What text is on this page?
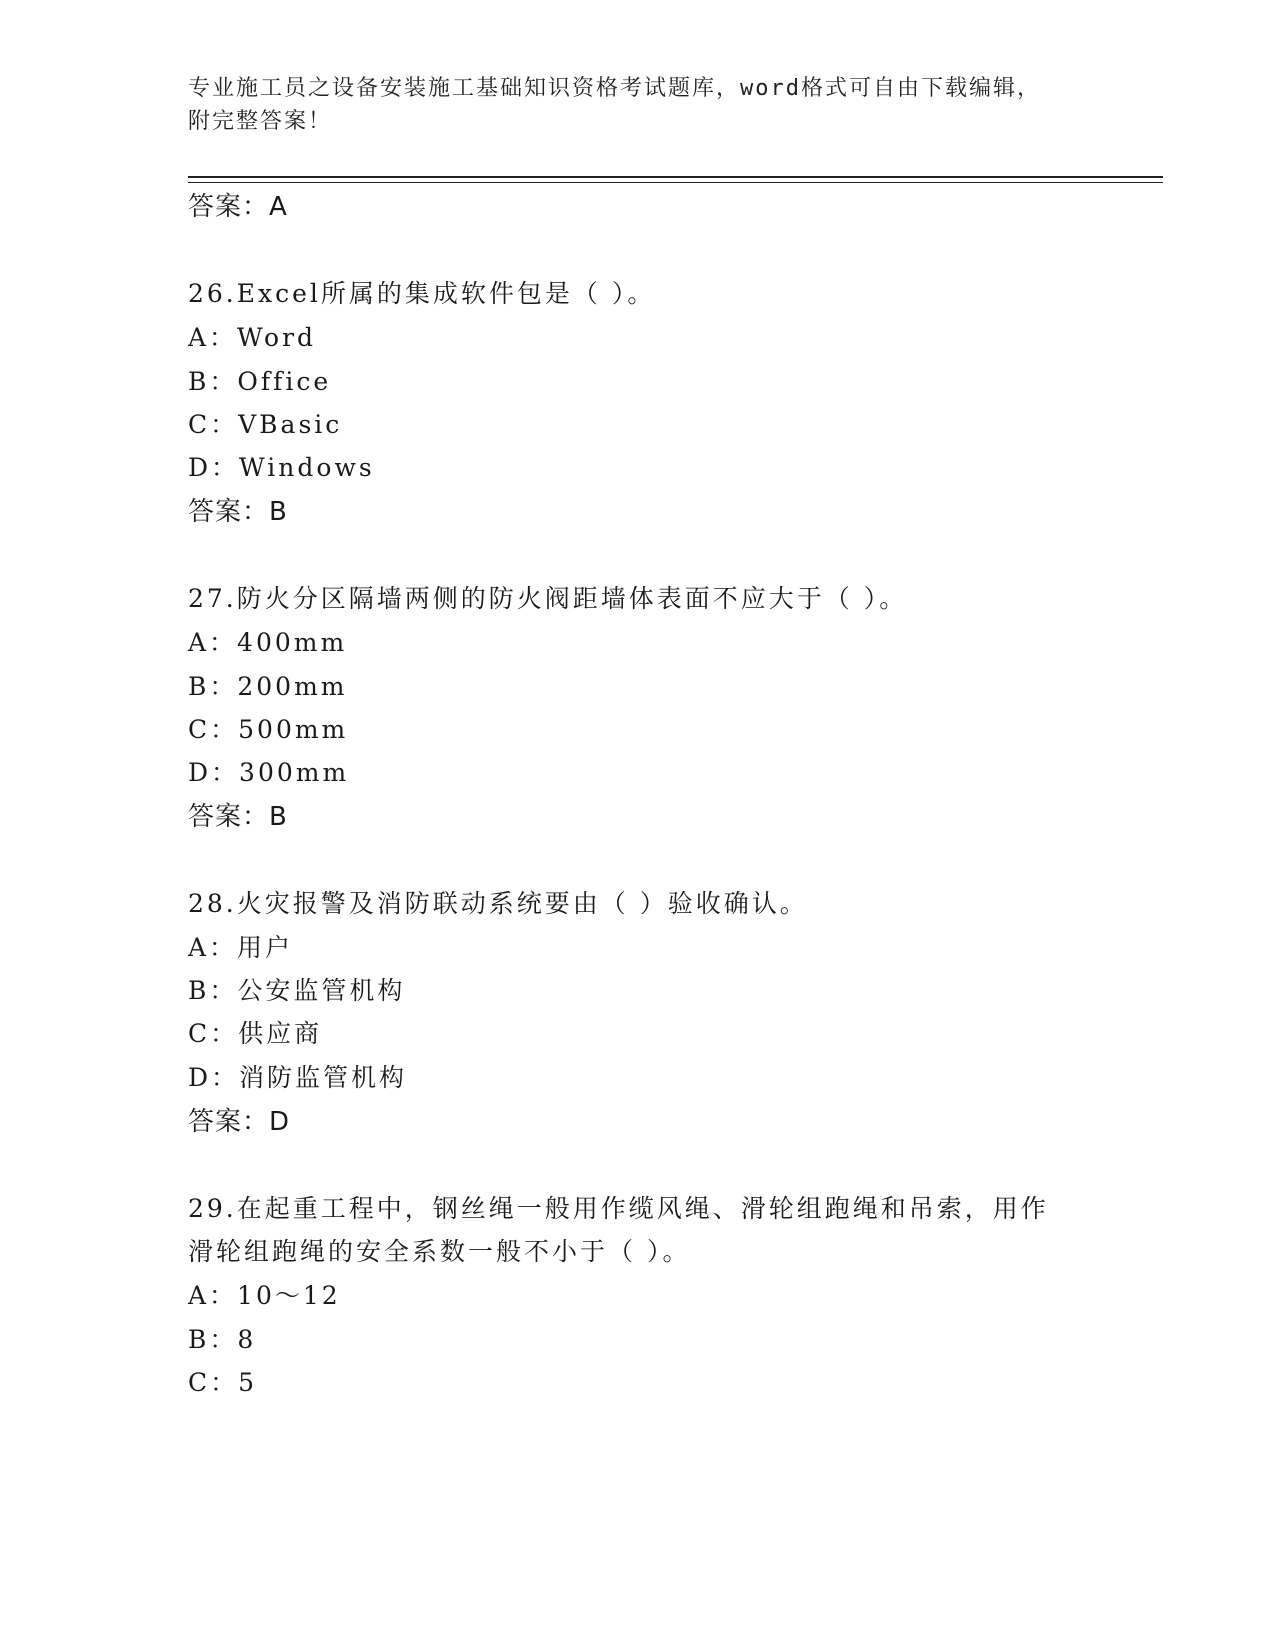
专业施工员之设备安装施工基础知识资格考试题库，word格式可自由下载编辑，
附完整答案！
答案：A
26.Excel所属的集成软件包是（ ）。
A：Word
B：Office
C：VBasic
D：Windows
答案：B
27.防火分区隔墙两侧的防火阀距墙体表面不应大于（ ）。
A：400mm
B：200mm
C：500mm
D：300mm
答案：B
28.火灾报警及消防联动系统要由（ ）验收确认。
A：用户
B：公安监管机构
C：供应商
D：消防监管机构
答案：D
29.在起重工程中，钢丝绳一般用作缆风绳、滑轮组跑绳和吊索，用作
滑轮组跑绳的安全系数一般不小于（ ）。
A：10～12
B：8
C：5
